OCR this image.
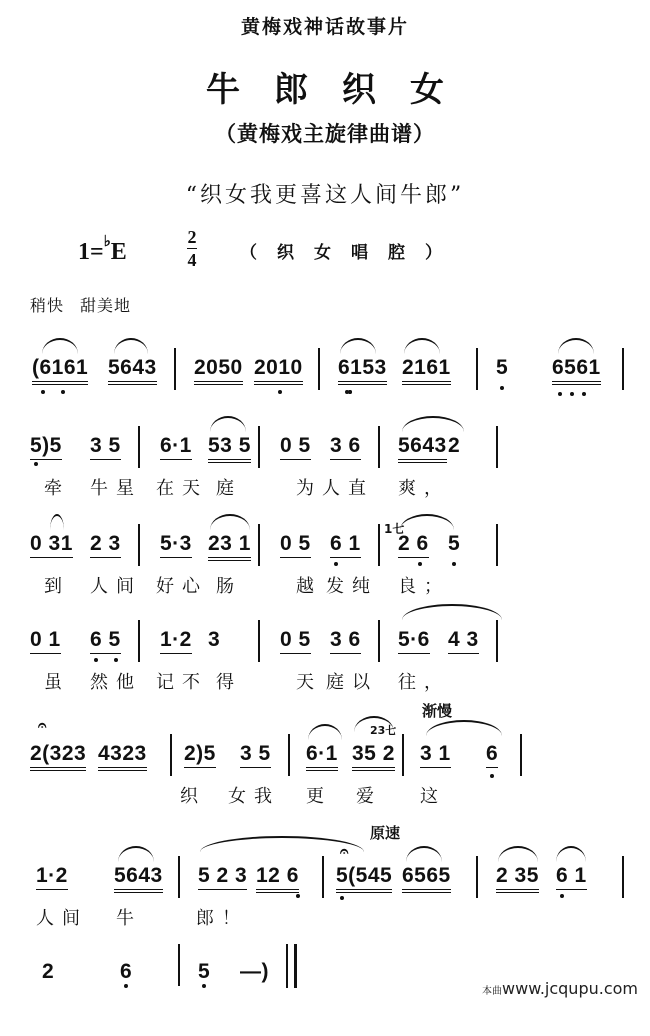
黄梅戏神话故事片
牛郎织女
（黄梅戏主旋律曲谱）
“织女我更喜这人间牛郎”
1=♭E
2
4	（织女唱腔）
稍快 甜美地
(6161 5643 2050 2010 6153 2161 5 6561
5)5 3 5 6·1 53 5 0 5 3 6 5643 2
牵 牛星 在天 庭	为人直 爽，
0 31 2 3 5·3 23 1 0 5 6 1
1七
2 6 5
到 人间 好心 肠	越 发纯 良；
0 1 6 5 1·2 3	0 5 3 6 5·6 4 3
虽 然他 记不 得	天 庭以 往，
𝄐
2(323 4323 2)5 3 5 6·1 35 2
23七
渐慢
3 1 6
织 女我 更 爱 这
1·2 5643
原速
5 2 3 12 6
𝄐
5(545 6565 2 35 6 1
人间 牛	郎！
2	6	5 —)
本曲www.jcqupu.com
